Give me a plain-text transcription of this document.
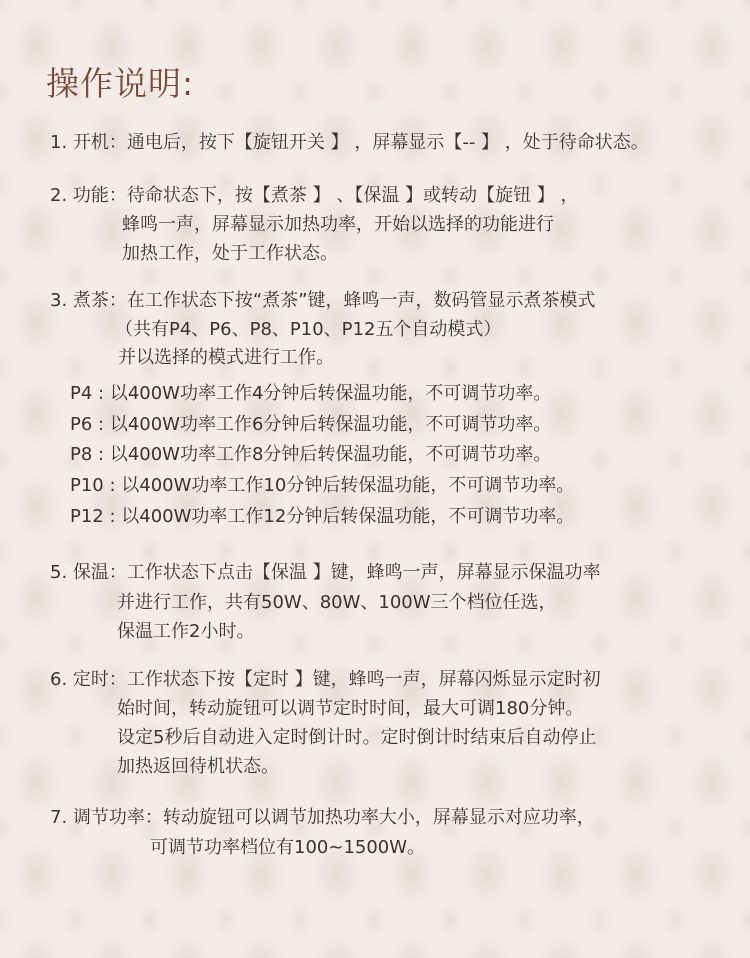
操作说明:
1. 开机：通电后，按下【旋钮开关 】 ，屏幕显示【-- 】 ，处于待命状态。
2. 功能：待命状态下，按【煮茶 】 、【保温 】或转动【旋钮 】 ，
蜂鸣一声，屏幕显示加热功率，开始以选择的功能进行
加热工作，处于工作状态。
3. 煮茶：在工作状态下按“煮茶”键，蜂鸣一声，数码管显示煮茶模式
（共有P4、P6、P8、P10、P12五个自动模式）
并以选择的模式进行工作。
P4 : 以400W功率工作4分钟后转保温功能，不可调节功率。
P6 : 以400W功率工作6分钟后转保温功能，不可调节功率。
P8 : 以400W功率工作8分钟后转保温功能，不可调节功率。
P10 : 以400W功率工作10分钟后转保温功能，不可调节功率。
P12 : 以400W功率工作12分钟后转保温功能，不可调节功率。
5. 保温：工作状态下点击【保温 】键，蜂鸣一声，屏幕显示保温功率
并进行工作，共有50W、80W、100W三个档位任选，
保温工作2小时。
6. 定时：工作状态下按【定时 】键，蜂鸣一声，屏幕闪烁显示定时初
始时间，转动旋钮可以调节定时时间，最大可调180分钟。
设定5秒后自动进入定时倒计时。定时倒计时结束后自动停止
加热返回待机状态。
7. 调节功率：转动旋钮可以调节加热功率大小，屏幕显示对应功率，
可调节功率档位有100~1500W。
